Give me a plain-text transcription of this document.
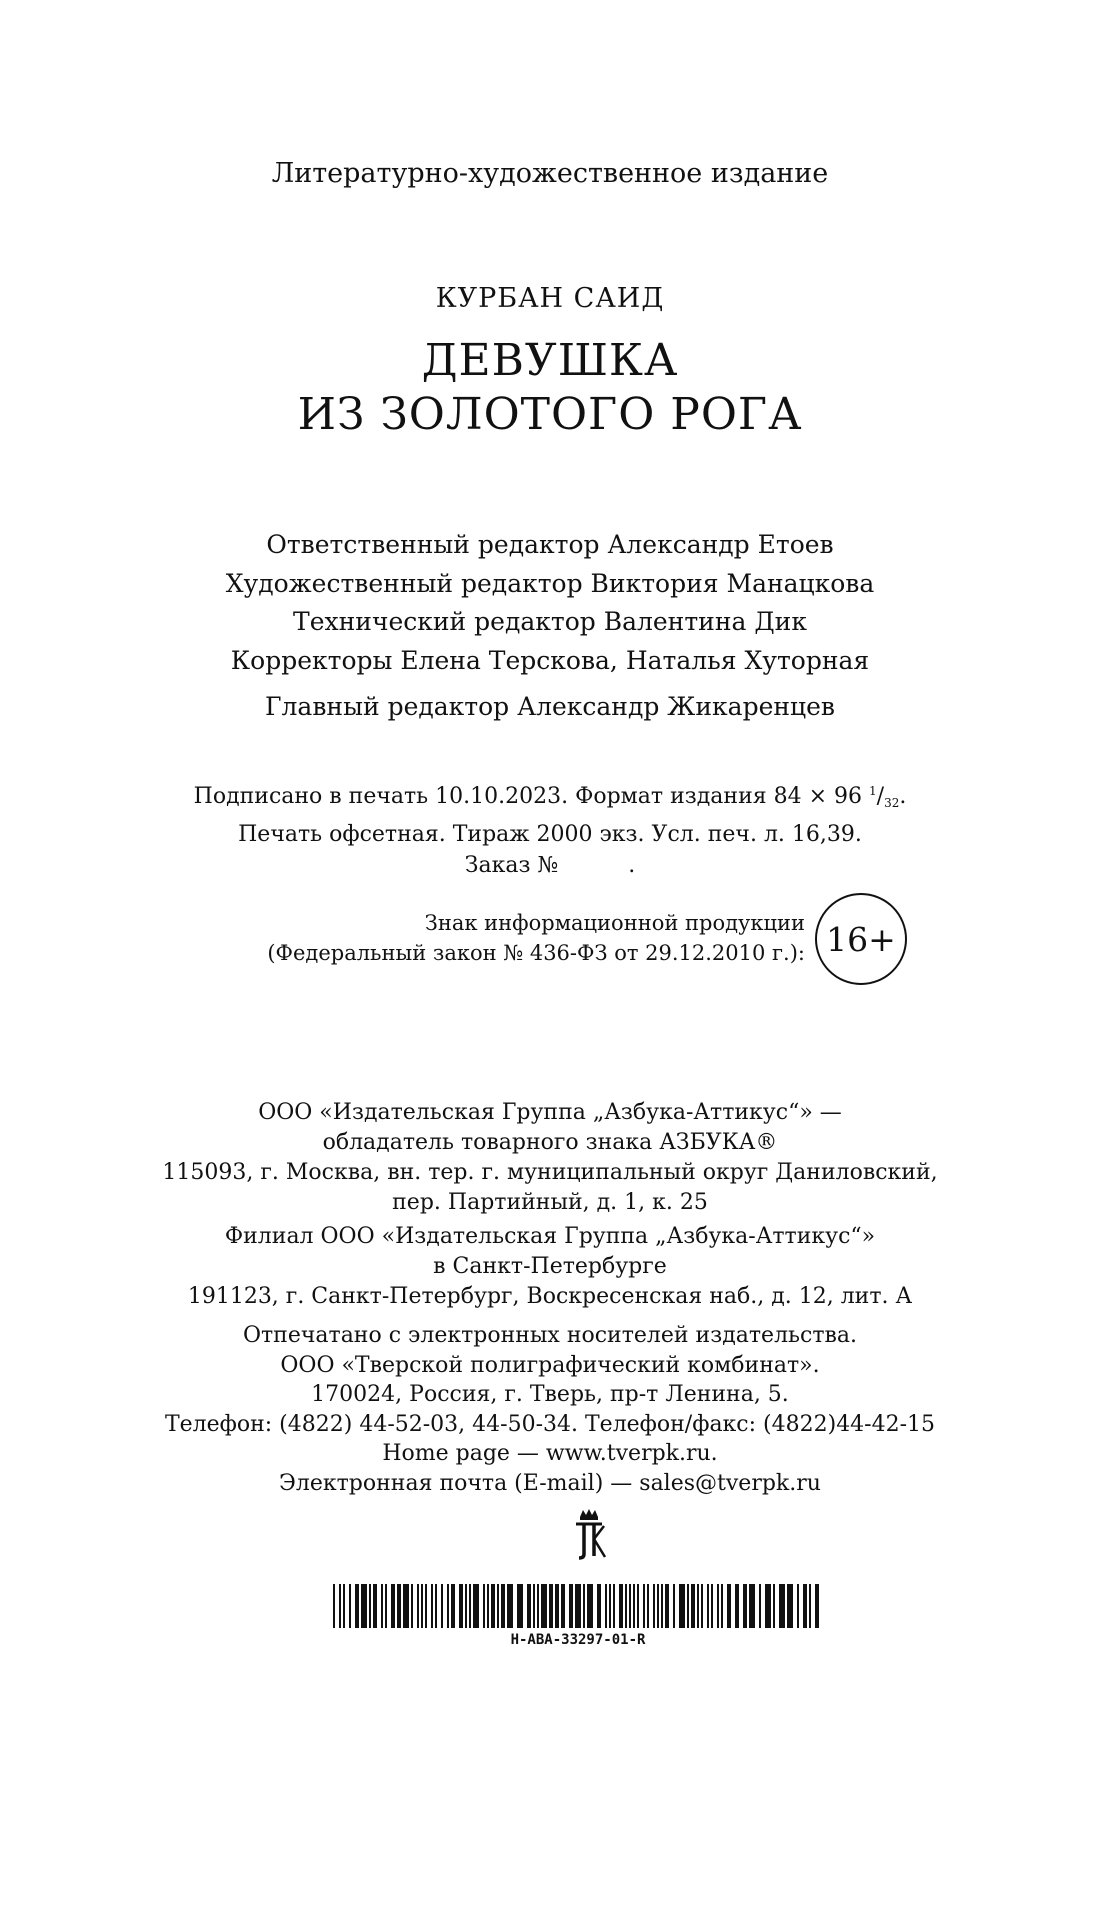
Литературно-художественное издание
КУРБАН САИД
ДЕВУШКА
ИЗ ЗОЛОТОГО РОГА
Ответственный редактор Александр Етоев
Художественный редактор Виктория Манацкова
Технический редактор Валентина Дик
Корректоры Елена Терскова, Наталья Хуторная
Главный редактор Александр Жикаренцев
Подписано в печать 10.10.2023. Формат издания 84 × 96 $^1/_{32}$.
Печать офсетная. Тираж 2000 экз. Усл. печ. л. 16,39.
Заказ №	.
Знак информационной продукции
(Федеральный закон № 436-ФЗ от 29.12.2010 г.): 16+
ООО «Издательская Группа „Азбука-Аттикус“» —
обладатель товарного знака АЗБУКА®
115093, г. Москва, вн. тер. г. муниципальный округ Даниловский,
пер. Партийный, д. 1, к. 25
Филиал ООО «Издательская Группа „Азбука-Аттикус“»
в Санкт-Петербурге
191123, г. Санкт-Петербург, Воскресенская наб., д. 12, лит. А
Отпечатано с электронных носителей издательства.
ООО «Тверской полиграфический комбинат».
170024, Россия, г. Тверь, пр-т Ленина, 5.
Телефон: (4822) 44-52-03, 44-50-34. Телефон/факс: (4822)44-42-15
Home page — www.tverpk.ru.
Электронная почта (E-mail) — sales@tverpk.ru
H-ABA-33297-01-R
